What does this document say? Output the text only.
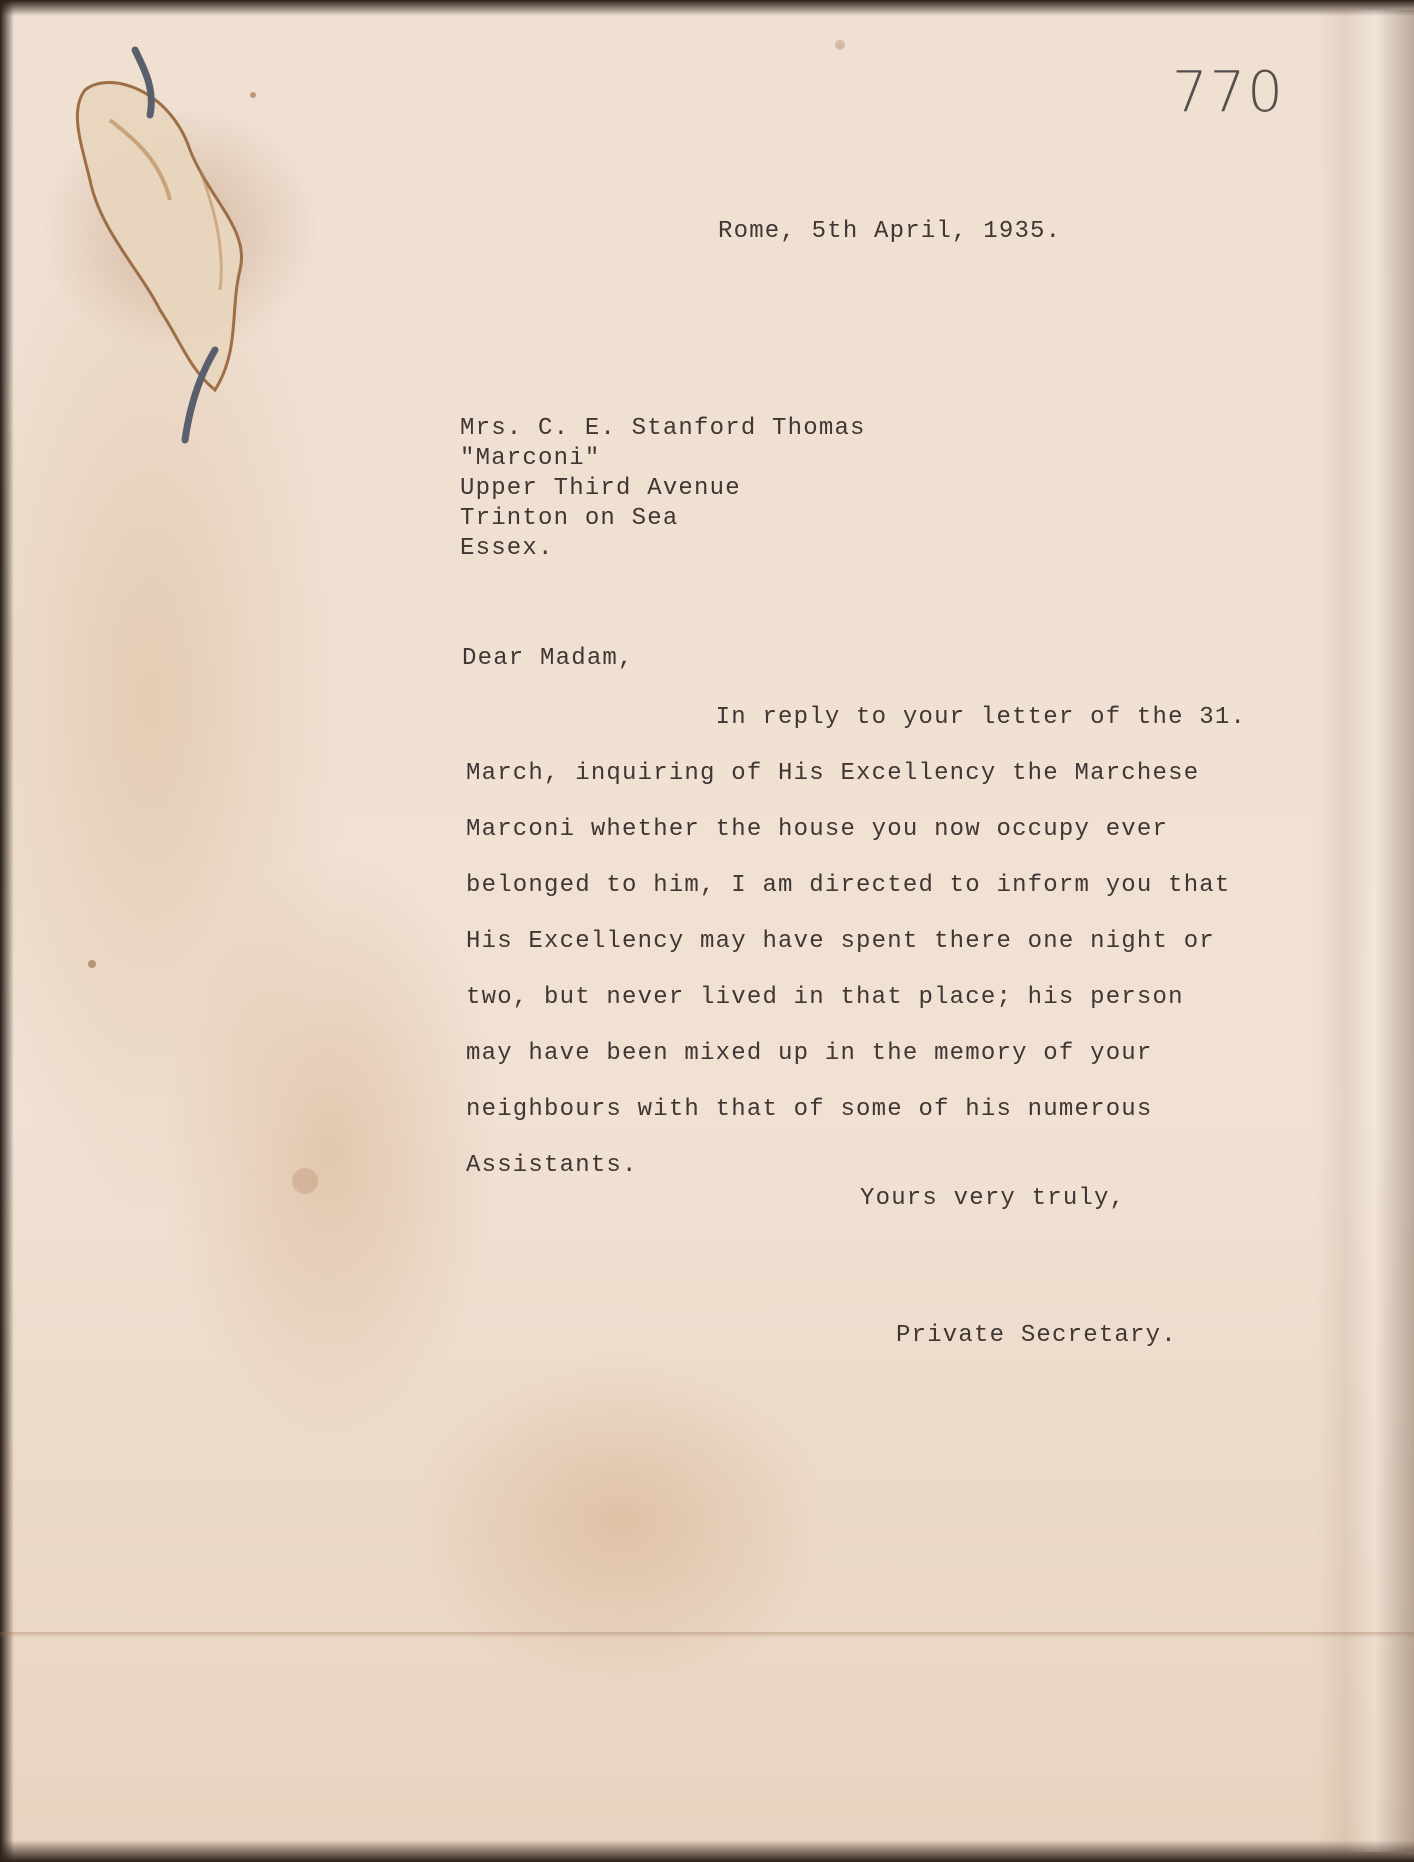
770

Rome, 5th April, 1935.

Mrs. C. E. Stanford Thomas
"Marconi"
Upper Third Avenue
Trinton on Sea
Essex.

Dear Madam,

In reply to your letter of the 31.
March, inquiring of His Excellency the Marchese
Marconi whether the house you now occupy ever
belonged to him, I am directed to inform you that
His Excellency may have spent there one night or
two, but never lived in that place; his person
may have been mixed up in the memory of your
neighbours with that of some of his numerous
Assistants.

Yours very truly,

Private Secretary.
